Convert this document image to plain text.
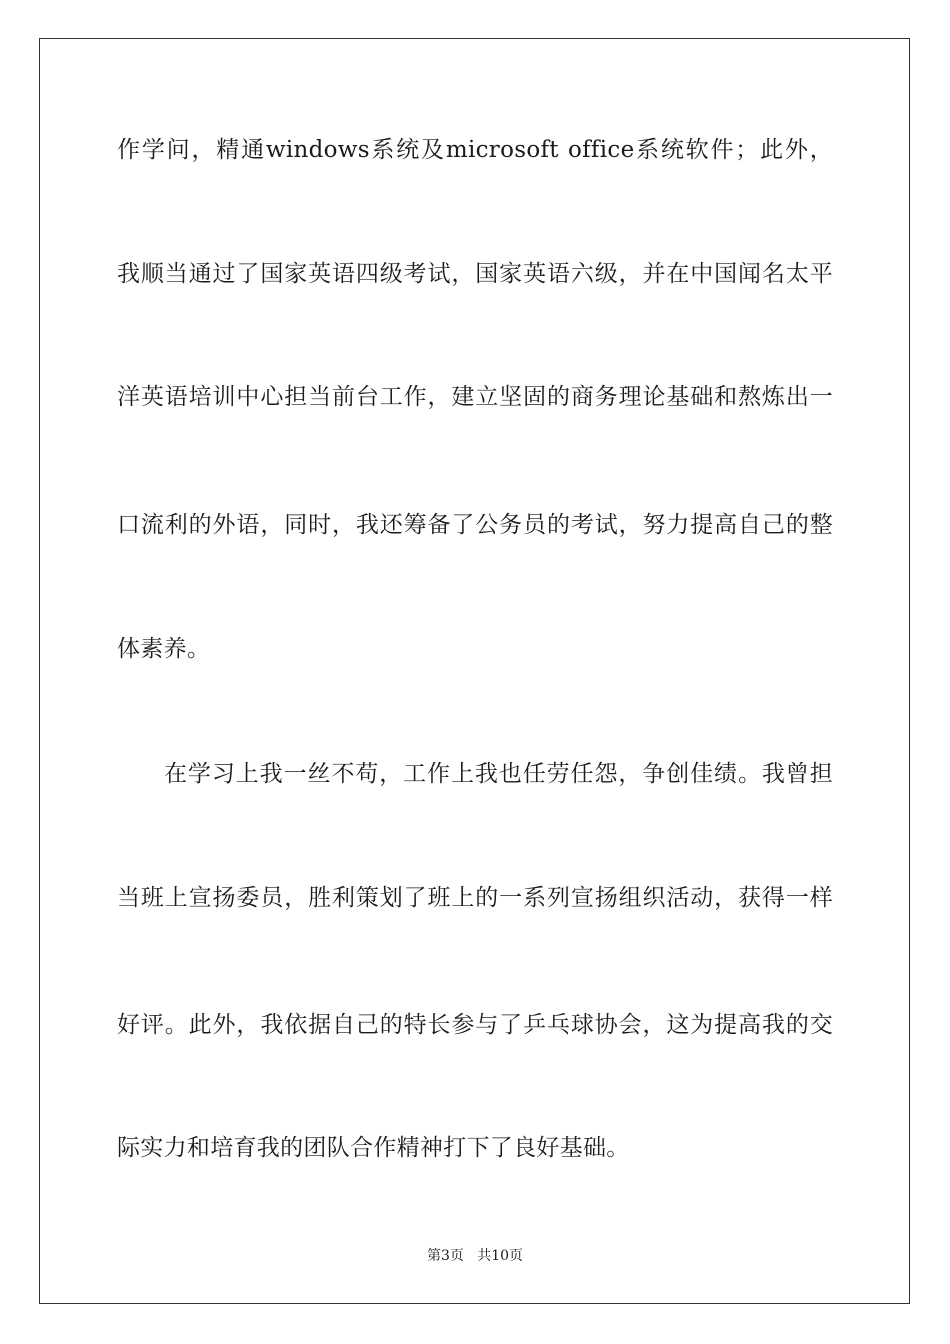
作学问，精通windows系统及microsoft office系统软件；此外，
我顺当通过了国家英语四级考试，国家英语六级，并在中国闻名太平
洋英语培训中心担当前台工作，建立坚固的商务理论基础和熬炼出一
口流利的外语，同时，我还筹备了公务员的考试，努力提高自己的整
体素养。
在学习上我一丝不苟，工作上我也任劳任怨，争创佳绩。我曾担
当班上宣扬委员，胜利策划了班上的一系列宣扬组织活动，获得一样
好评。此外，我依据自己的特长参与了乒乓球协会，这为提高我的交
际实力和培育我的团队合作精神打下了良好基础。
第3页   共10页
